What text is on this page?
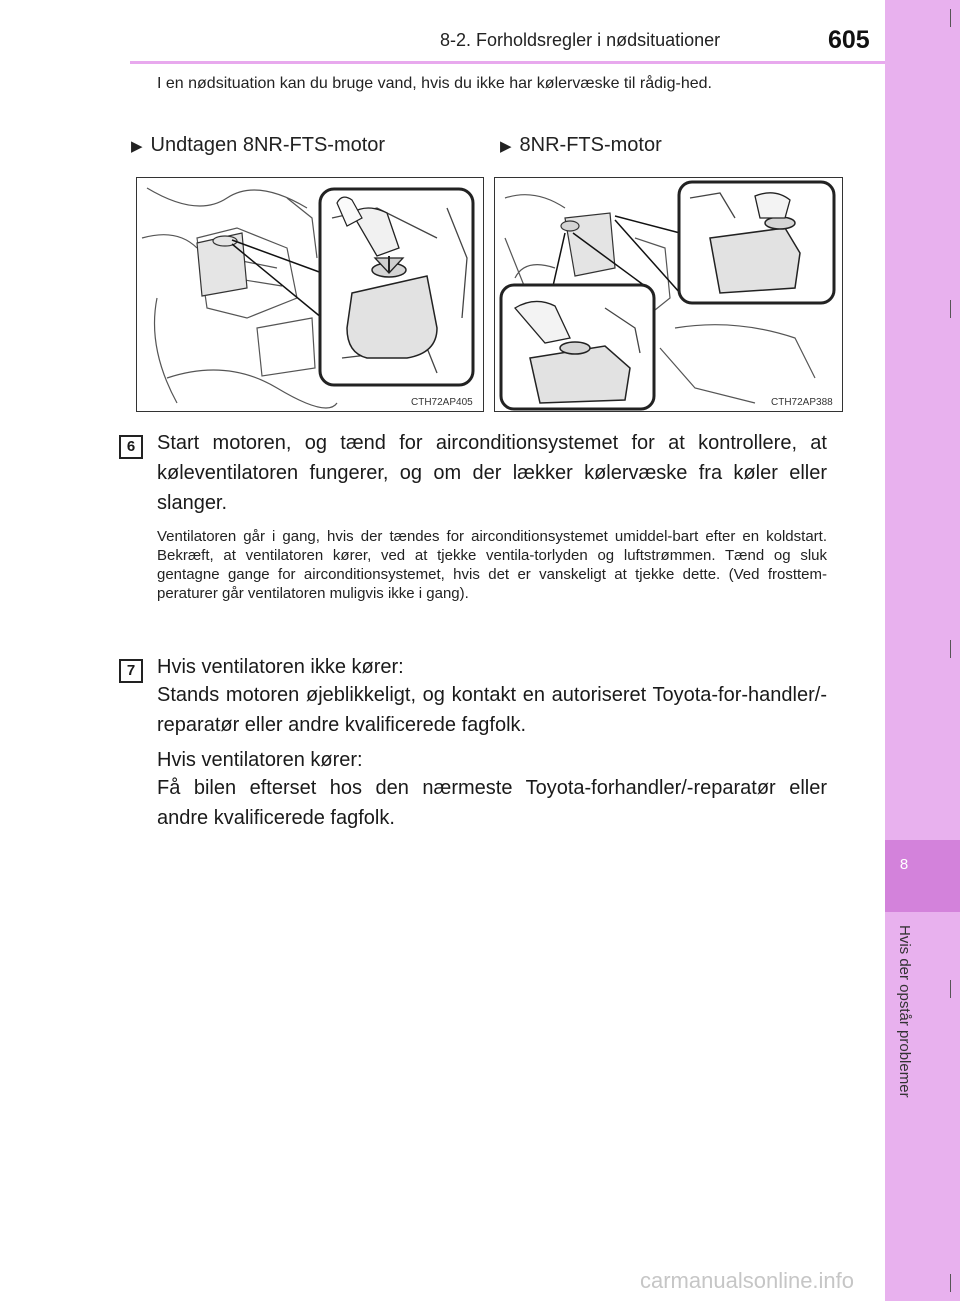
8-2. Forholdsregler i nødsituationer	605
8
Hvis der opstår problemer
I en nødsituation kan du bruge vand, hvis du ikke har kølervæske til rådig-hed.
▶ Undtagen 8NR-FTS-motor	▶ 8NR-FTS-motor
CTH72AP405	CTH72AP388
6	Start motoren, og tænd for airconditionsystemet for at kontrollere, at køleventilatoren fungerer, og om der lækker kølervæske fra køler eller slanger.
Ventilatoren går i gang, hvis der tændes for airconditionsystemet umiddel-bart efter en koldstart. Bekræft, at ventilatoren kører, ved at tjekke ventila-torlyden og luftstrømmen. Tænd og sluk gentagne gange for airconditionsystemet, hvis det er vanskeligt at tjekke dette. (Ved frosttem-peraturer går ventilatoren muligvis ikke i gang).
7	Hvis ventilatoren ikke kører:
Stands motoren øjeblikkeligt, og kontakt en autoriseret Toyota-for-handler/-reparatør eller andre kvalificerede fagfolk.
Hvis ventilatoren kører:
Få bilen efterset hos den nærmeste Toyota-forhandler/-reparatør eller andre kvalificerede fagfolk.
carmanualsonline.info
